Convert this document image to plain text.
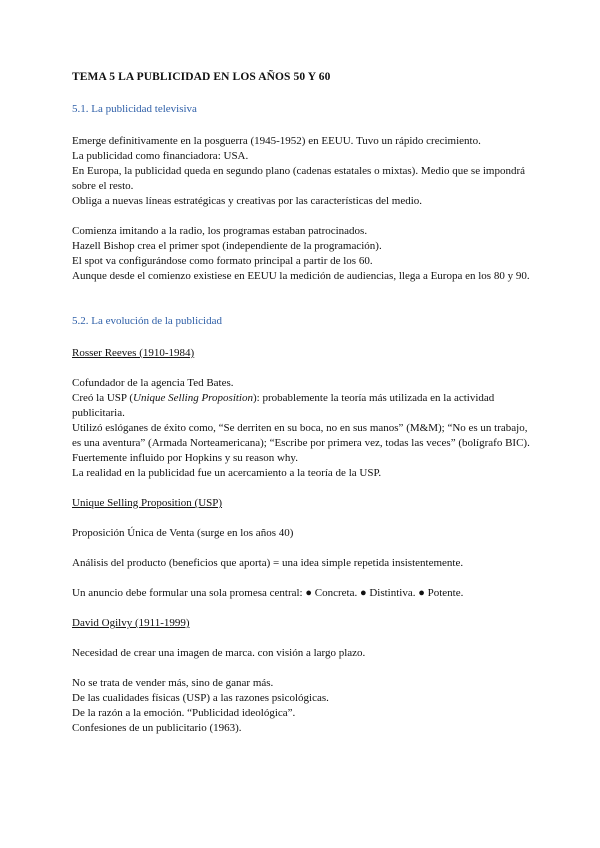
TEMA 5 LA PUBLICIDAD EN LOS AÑOS 50 Y 60

5.1. La publicidad televisiva

Emerge definitivamente en la posguerra (1945-1952) en EEUU. Tuvo un rápido crecimiento.

La publicidad como financiadora: USA.

En Europa, la publicidad queda en segundo plano (cadenas estatales o mixtas). Medio que se impondrá sobre el resto.

Obliga a nuevas líneas estratégicas y creativas por las características del medio.

Comienza imitando a la radio, los programas estaban patrocinados.

Hazell Bishop crea el primer spot (independiente de la programación).

El spot va configurándose como formato principal a partir de los 60.

Aunque desde el comienzo existiese en EEUU la medición de audiencias, llega a Europa en los 80 y 90.

5.2. La evolución de la publicidad

Rosser Reeves (1910-1984)

Cofundador de la agencia Ted Bates.

Creó la USP (Unique Selling Proposition): probablemente la teoría más utilizada en la actividad publicitaria.

Utilizó eslóganes de éxito como, “Se derriten en su boca, no en sus manos” (M&M); “No es un trabajo, es una aventura” (Armada Norteamericana); “Escribe por primera vez, todas las veces” (bolígrafo BIC).

Fuertemente influido por Hopkins y su reason why.

La realidad en la publicidad fue un acercamiento a la teoría de la USP.

Unique Selling Proposition (USP)

Proposición Única de Venta (surge en los años 40)

Análisis del producto (beneficios que aporta) = una idea simple repetida insistentemente.

Un anuncio debe formular una sola promesa central: ● Concreta. ● Distintiva. ● Potente.

David Ogilvy (1911-1999)

Necesidad de crear una imagen de marca. con visión a largo plazo.

No se trata de vender más, sino de ganar más.

De las cualidades físicas (USP) a las razones psicológicas.

De la razón a la emoción. “Publicidad ideológica”.

Confesiones de un publicitario (1963).
